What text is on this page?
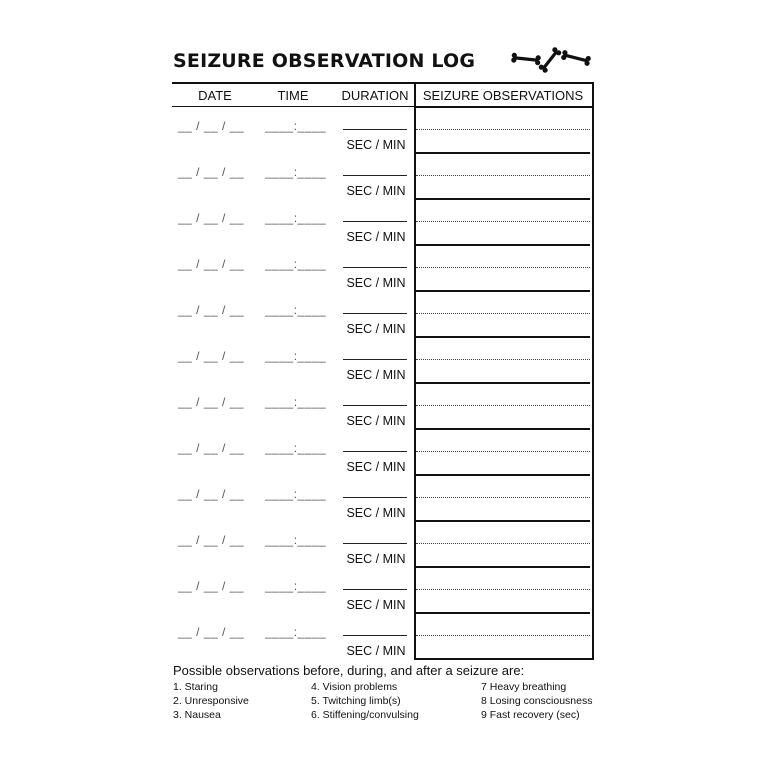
SEIZURE OBSERVATION LOG
DATE	TIME	DURATION	SEIZURE OBSERVATIONS
__ / __ / __ ____:____
SEC / MIN
__ / __ / __ ____:____
SEC / MIN
__ / __ / __ ____:____
SEC / MIN
__ / __ / __ ____:____
SEC / MIN
__ / __ / __ ____:____
SEC / MIN
__ / __ / __ ____:____
SEC / MIN
__ / __ / __ ____:____
SEC / MIN
__ / __ / __ ____:____
SEC / MIN
__ / __ / __ ____:____
SEC / MIN
__ / __ / __ ____:____
SEC / MIN
__ / __ / __ ____:____
SEC / MIN
__ / __ / __ ____:____
SEC / MIN
Possible observations before, during, and after a seizure are:
1. Staring
2. Unresponsive
3. Nausea
4. Vision problems
5. Twitching limb(s)
6. Stiffening/convulsing
7 Heavy breathing
8 Losing consciousness
9 Fast recovery (sec)
